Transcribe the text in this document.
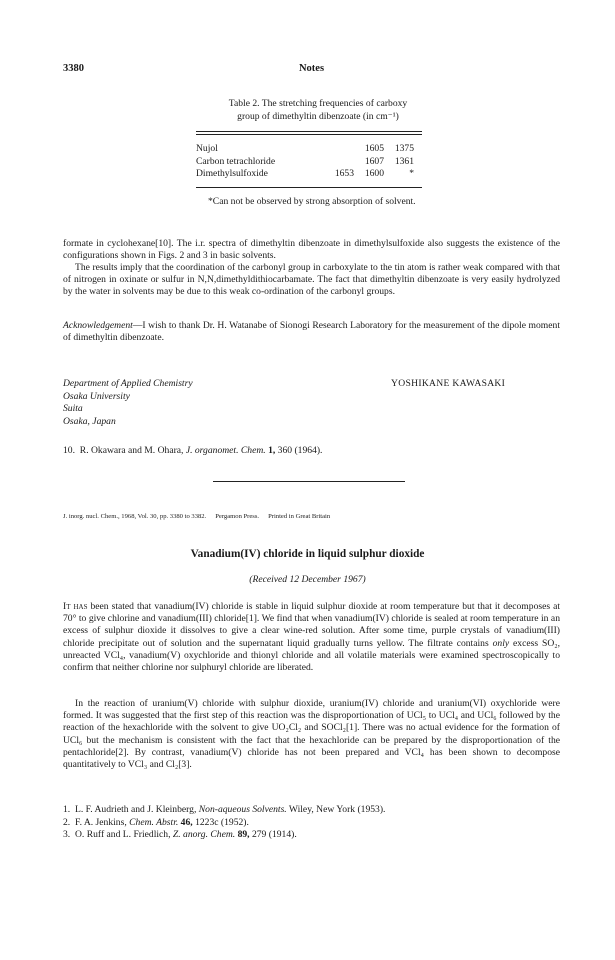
3380	Notes
Table 2. The stretching frequencies of carboxy
group of dimethyltin dibenzoate (in cm⁻¹)
Nujol		1605	1375
Carbon tetrachloride		1607	1361
Dimethylsulfoxide	1653	1600	*
*Can not be observed by strong absorption of solvent.
formate in cyclohexane[10]. The i.r. spectra of dimethyltin dibenzoate in dimethylsulfoxide also suggests the existence of the configurations shown in Figs. 2 and 3 in basic solvents.
The results imply that the coordination of the carbonyl group in carboxylate to the tin atom is rather weak compared with that of nitrogen in oxinate or sulfur in N,N,dimethyldithiocarbamate. The fact that dimethyltin dibenzoate is very easily hydrolyzed by the water in solvents may be due to this weak co-ordination of the carbonyl groups.
Acknowledgement—I wish to thank Dr. H. Watanabe of Sionogi Research Laboratory for the measurement of the dipole moment of dimethyltin dibenzoate.
Department of Applied Chemistry
Osaka University
Suita
Osaka, Japan
YOSHIKANE KAWASAKI
10. R. Okawara and M. Ohara, J. organomet. Chem. 1, 360 (1964).
J. inorg. nucl. Chem., 1968, Vol. 30, pp. 3380 to 3382. Pergamon Press. Printed in Great Britain
Vanadium(IV) chloride in liquid sulphur dioxide
(Received 12 December 1967)
It has been stated that vanadium(IV) chloride is stable in liquid sulphur dioxide at room temperature but that it decomposes at 70° to give chlorine and vanadium(III) chloride[1]. We find that when vanadium(IV) chloride is sealed at room temperature in an excess of sulphur dioxide it dissolves to give a clear wine-red solution. After some time, purple crystals of vanadium(III) chloride precipitate out of solution and the supernatant liquid gradually turns yellow. The filtrate contains only excess SO₂, unreacted VCl₄, vanadium(V) oxychloride and thionyl chloride and all volatile materials were examined spectroscopically to confirm that neither chlorine nor sulphuryl chloride are liberated.
In the reaction of uranium(V) chloride with sulphur dioxide, uranium(IV) chloride and uranium(VI) oxychloride were formed. It was suggested that the first step of this reaction was the disproportionation of UCl₅ to UCl₄ and UCl₆ followed by the reaction of the hexachloride with the solvent to give UO₂Cl₂ and SOCl₂[1]. There was no actual evidence for the formation of UCl₆ but the mechanism is consistent with the fact that the hexachloride can be prepared by the disproportionation of the pentachloride[2]. By contrast, vanadium(V) chloride has not been prepared and VCl₄ has been shown to decompose quantitatively to VCl₃ and Cl₂[3].
1. L. F. Audrieth and J. Kleinberg, Non-aqueous Solvents. Wiley, New York (1953).
2. F. A. Jenkins, Chem. Abstr. 46, 1223c (1952).
3. O. Ruff and L. Friedlich, Z. anorg. Chem. 89, 279 (1914).
